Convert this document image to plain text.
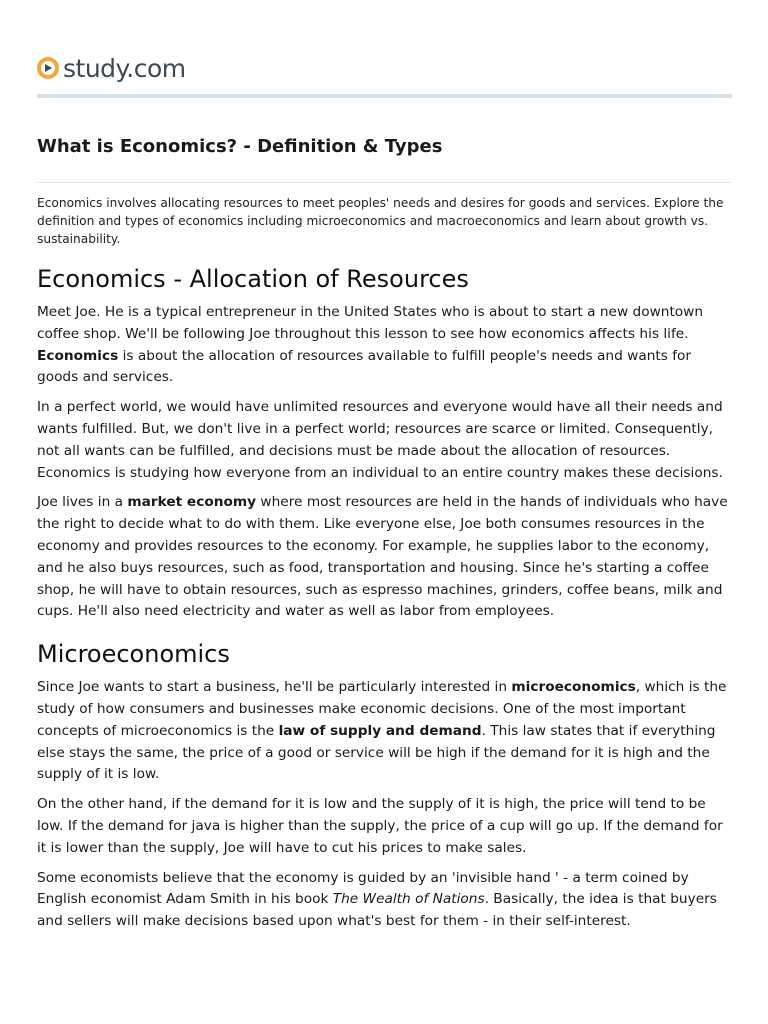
study.com
What is Economics? - Definition & Types

Economics involves allocating resources to meet peoples' needs and desires for goods and services. Explore the definition and types of economics including microeconomics and macroeconomics and learn about growth vs. sustainability.

Economics - Allocation of Resources

Meet Joe. He is a typical entrepreneur in the United States who is about to start a new downtown coffee shop. We'll be following Joe throughout this lesson to see how economics affects his life. Economics is about the allocation of resources available to fulfill people's needs and wants for goods and services.

In a perfect world, we would have unlimited resources and everyone would have all their needs and wants fulfilled. But, we don't live in a perfect world; resources are scarce or limited. Consequently, not all wants can be fulfilled, and decisions must be made about the allocation of resources. Economics is studying how everyone from an individual to an entire country makes these decisions.

Joe lives in a market economy where most resources are held in the hands of individuals who have the right to decide what to do with them. Like everyone else, Joe both consumes resources in the economy and provides resources to the economy. For example, he supplies labor to the economy, and he also buys resources, such as food, transportation and housing. Since he's starting a coffee shop, he will have to obtain resources, such as espresso machines, grinders, coffee beans, milk and cups. He'll also need electricity and water as well as labor from employees.

Microeconomics

Since Joe wants to start a business, he'll be particularly interested in microeconomics, which is the study of how consumers and businesses make economic decisions. One of the most important concepts of microeconomics is the law of supply and demand. This law states that if everything else stays the same, the price of a good or service will be high if the demand for it is high and the supply of it is low.

On the other hand, if the demand for it is low and the supply of it is high, the price will tend to be low. If the demand for java is higher than the supply, the price of a cup will go up. If the demand for it is lower than the supply, Joe will have to cut his prices to make sales.

Some economists believe that the economy is guided by an 'invisible hand ' - a term coined by English economist Adam Smith in his book The Wealth of Nations. Basically, the idea is that buyers and sellers will make decisions based upon what's best for them - in their self-interest.
